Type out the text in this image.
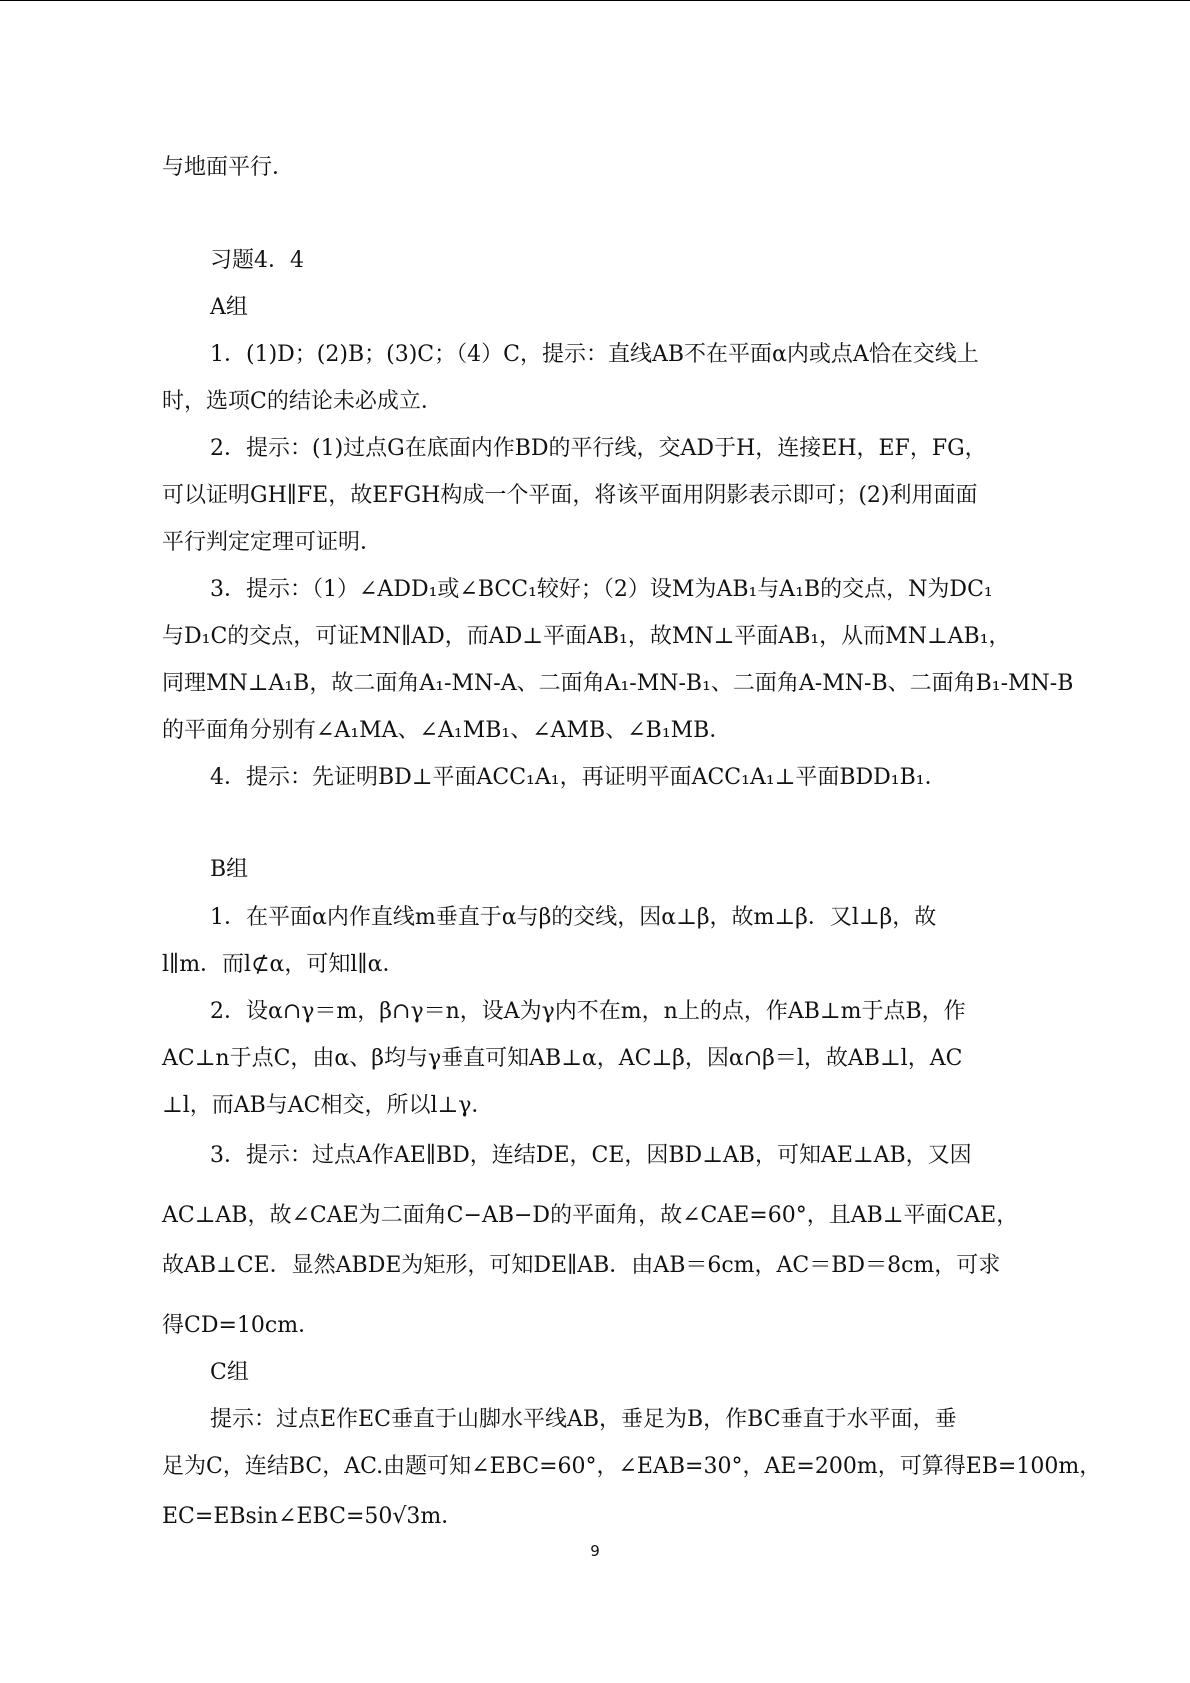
与地面平行．
习题4．4
A组
1．(1)D；(2)B；(3)C；（4）C，提示：直线AB不在平面α内或点A恰在交线上
时，选项C的结论未必成立．
2．提示：(1)过点G在底面内作BD的平行线，交AD于H，连接EH，EF，FG，
可以证明GH∥FE，故EFGH构成一个平面，将该平面用阴影表示即可；(2)利用面面
平行判定定理可证明．
3．提示：（1）∠ADD₁或∠BCC₁较好；（2）设M为AB₁与A₁B的交点，N为DC₁
与D₁C的交点，可证MN∥AD，而AD⊥平面AB₁，故MN⊥平面AB₁，从而MN⊥AB₁，
同理MN⊥A₁B，故二面角A₁-MN-A、二面角A₁-MN-B₁、二面角A-MN-B、二面角B₁-MN-B
的平面角分别有∠A₁MA、∠A₁MB₁、∠AMB、∠B₁MB．
4．提示：先证明BD⊥平面ACC₁A₁，再证明平面ACC₁A₁⊥平面BDD₁B₁．
B组
1．在平面α内作直线m垂直于α与β的交线，因α⊥β，故m⊥β．又l⊥β，故
l∥m．而l⊄α，可知l∥α．
2．设α∩γ＝m，β∩γ＝n，设A为γ内不在m，n上的点，作AB⊥m于点B，作
AC⊥n于点C，由α、β均与γ垂直可知AB⊥α，AC⊥β，因α∩β＝l，故AB⊥l，AC
⊥l，而AB与AC相交，所以l⊥γ．
3．提示：过点A作AE∥BD，连结DE，CE，因BD⊥AB，可知AE⊥AB，又因
AC⊥AB，故∠CAE为二面角C−AB−D的平面角，故∠CAE=60°，且AB⊥平面CAE，
故AB⊥CE．显然ABDE为矩形，可知DE∥AB．由AB＝6cm，AC＝BD＝8cm，可求
得CD=10cm．
C组
提示：过点E作EC垂直于山脚水平线AB，垂足为B，作BC垂直于水平面，垂
足为C，连结BC，AC.由题可知∠EBC=60°，∠EAB=30°，AE=200m，可算得EB=100m，
EC=EBsin∠EBC=50√3m．
9
